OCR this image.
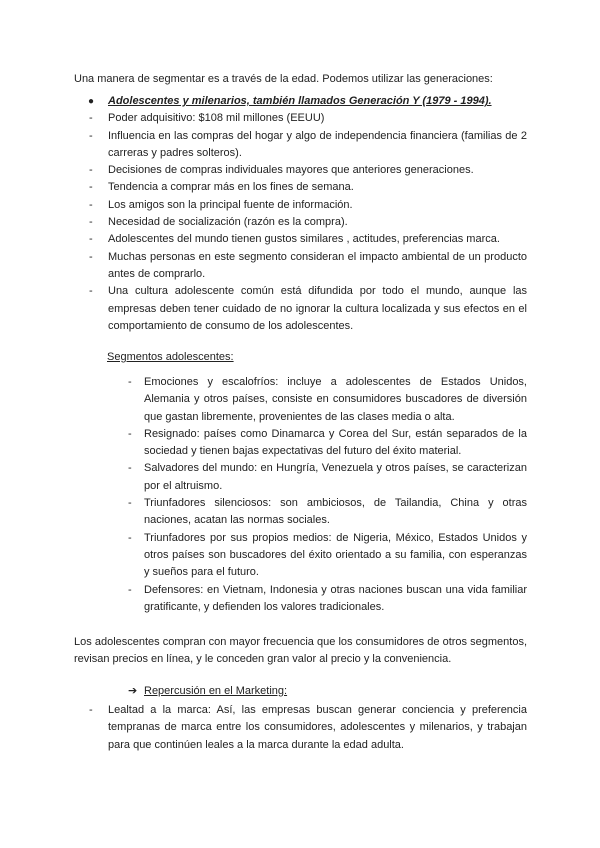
Una manera de segmentar es a través de la edad. Podemos utilizar las generaciones:

● Adolescentes y milenarios, también llamados Generación Y (1979 - 1994).
- Poder adquisitivo: $108 mil millones (EEUU)
- Influencia en las compras del hogar y algo de independencia financiera (familias de 2 carreras y padres solteros).
- Decisiones de compras individuales mayores que anteriores generaciones.
- Tendencia a comprar más en los fines de semana.
- Los amigos son la principal fuente de información.
- Necesidad de socialización (razón es la compra).
- Adolescentes del mundo tienen gustos similares , actitudes, preferencias marca.
- Muchas personas en este segmento consideran el impacto ambiental de un producto antes de comprarlo.
- Una cultura adolescente común está difundida por todo el mundo, aunque las empresas deben tener cuidado de no ignorar la cultura localizada y sus efectos en el comportamiento de consumo de los adolescentes.

Segmentos adolescentes:

- Emociones y escalofríos: incluye a adolescentes de Estados Unidos, Alemania y otros países, consiste en consumidores buscadores de diversión que gastan libremente, provenientes de las clases media o alta.
- Resignado: países como Dinamarca y Corea del Sur, están separados de la sociedad y tienen bajas expectativas del futuro del éxito material.
- Salvadores del mundo: en Hungría, Venezuela y otros países, se caracterizan por el altruismo.
- Triunfadores silenciosos: son ambiciosos, de Tailandia, China y otras naciones, acatan las normas sociales.
- Triunfadores por sus propios medios: de Nigeria, México, Estados Unidos y otros países son buscadores del éxito orientado a su familia, con esperanzas y sueños para el futuro.
- Defensores: en Vietnam, Indonesia y otras naciones buscan una vida familiar gratificante, y defienden los valores tradicionales.

Los adolescentes compran con mayor frecuencia que los consumidores de otros segmentos, revisan precios en línea, y le conceden gran valor al precio y la conveniencia.

➔ Repercusión en el Marketing:
- Lealtad a la marca: Así, las empresas buscan generar conciencia y preferencia tempranas de marca entre los consumidores, adolescentes y milenarios, y trabajan para que continúen leales a la marca durante la edad adulta.
